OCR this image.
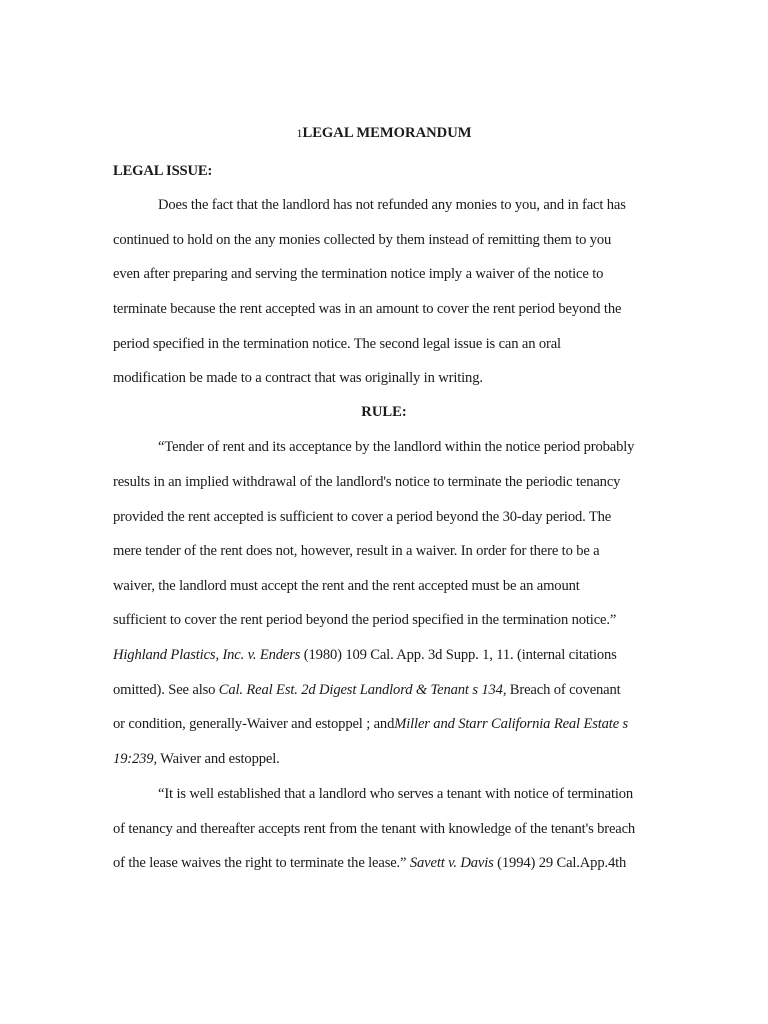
1LEGAL MEMORANDUM
LEGAL ISSUE:
Does the fact that the landlord has not refunded any monies to you, and in fact has
continued to hold on the any monies collected by them instead of remitting them to you
even after preparing and serving the termination notice imply a waiver of the notice to
terminate because the rent accepted was in an amount to cover the rent period beyond the
period specified in the termination notice. The second legal issue is can an oral
modification be made to a contract that was originally in writing.
RULE:
“Tender of rent and its acceptance by the landlord within the notice period probably
results in an implied withdrawal of the landlord's notice to terminate the periodic tenancy
provided the rent accepted is sufficient to cover a period beyond the 30-day period. The
mere tender of the rent does not, however, result in a waiver. In order for there to be a
waiver, the landlord must accept the rent and the rent accepted must be an amount
sufficient to cover the rent period beyond the period specified in the termination notice.”
Highland Plastics, Inc. v. Enders (1980) 109 Cal. App. 3d Supp. 1, 11. (internal citations
omitted). See also Cal. Real Est. 2d Digest Landlord & Tenant s 134, Breach of covenant
or condition, generally-Waiver and estoppel ; andMiller and Starr California Real Estate s
19:239, Waiver and estoppel.
“It is well established that a landlord who serves a tenant with notice of termination
of tenancy and thereafter accepts rent from the tenant with knowledge of the tenant's breach
of the lease waives the right to terminate the lease.” Savett v. Davis (1994) 29 Cal.App.4th
